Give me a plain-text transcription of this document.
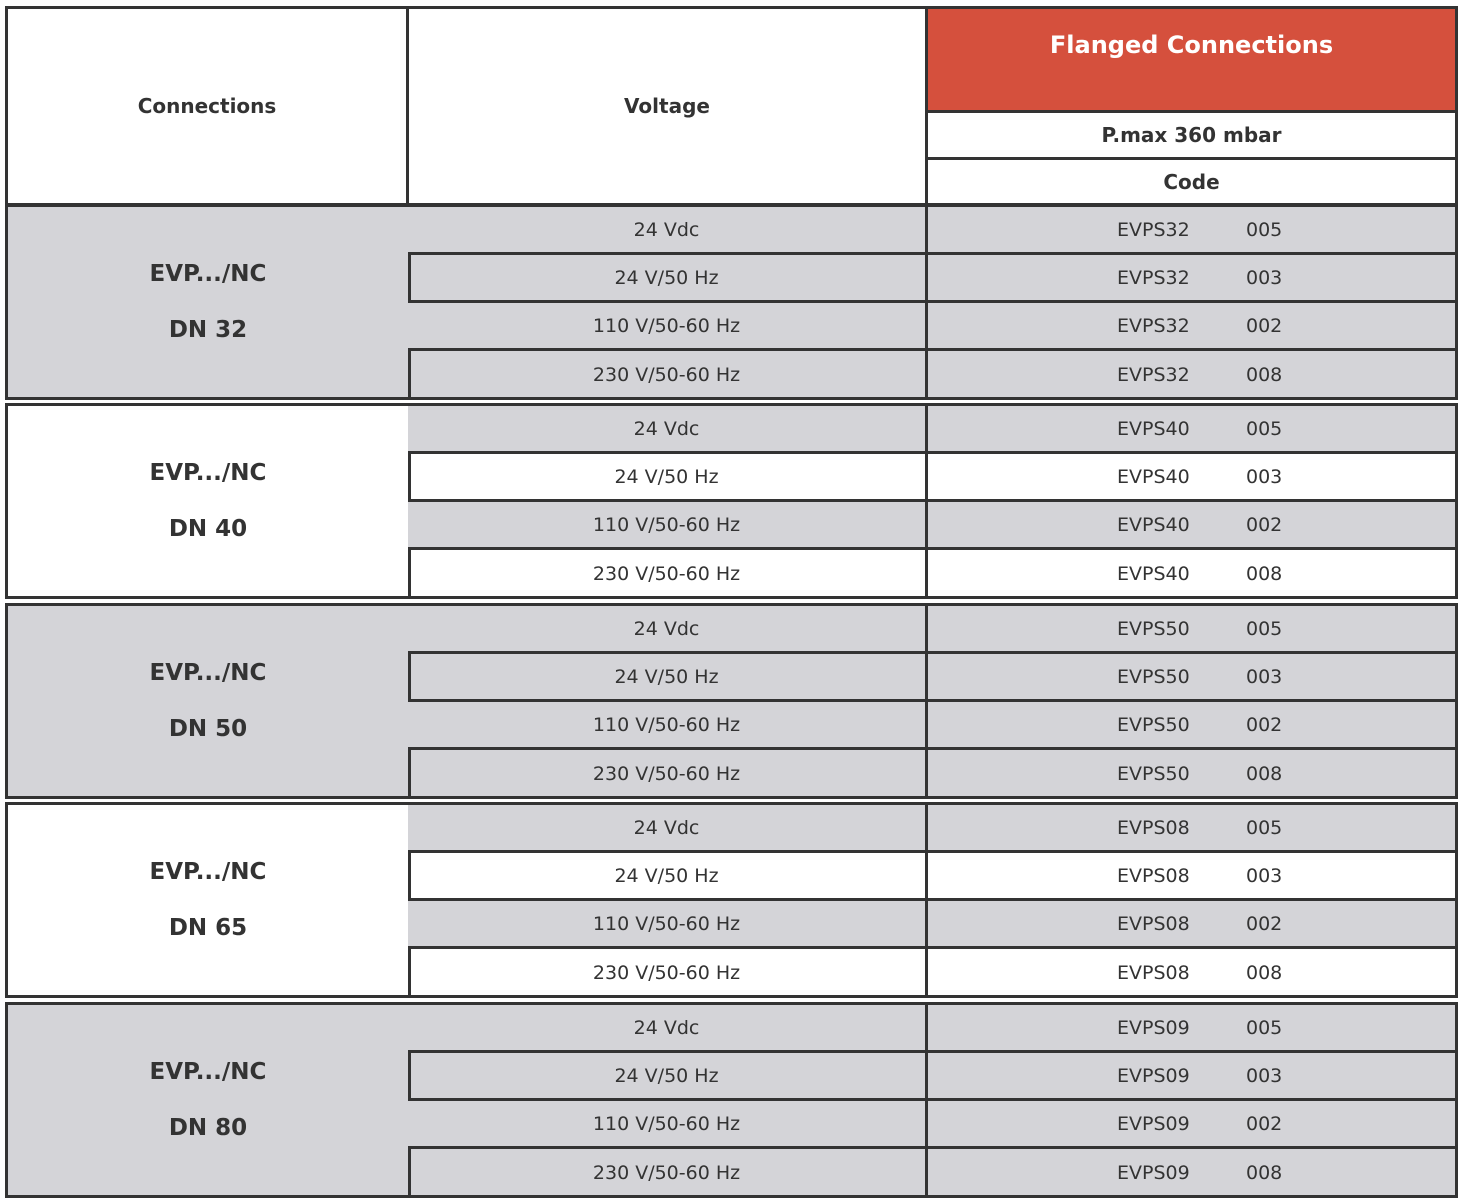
Connections	Voltage
Flanged Connections
P.max 360 mbar
Code
EVP.../NC
DN 32
24 Vdc	EVPS32	005
24 V/50 Hz	EVPS32	003
110 V/50-60 Hz	EVPS32	002
230 V/50-60 Hz	EVPS32	008
EVP.../NC
DN 40
24 Vdc	EVPS40	005
24 V/50 Hz	EVPS40	003
110 V/50-60 Hz	EVPS40	002
230 V/50-60 Hz	EVPS40	008
EVP.../NC
DN 50
24 Vdc	EVPS50	005
24 V/50 Hz	EVPS50	003
110 V/50-60 Hz	EVPS50	002
230 V/50-60 Hz	EVPS50	008
EVP.../NC
DN 65
24 Vdc	EVPS08	005
24 V/50 Hz	EVPS08	003
110 V/50-60 Hz	EVPS08	002
230 V/50-60 Hz	EVPS08	008
EVP.../NC
DN 80
24 Vdc	EVPS09	005
24 V/50 Hz	EVPS09	003
110 V/50-60 Hz	EVPS09	002
230 V/50-60 Hz	EVPS09	008
